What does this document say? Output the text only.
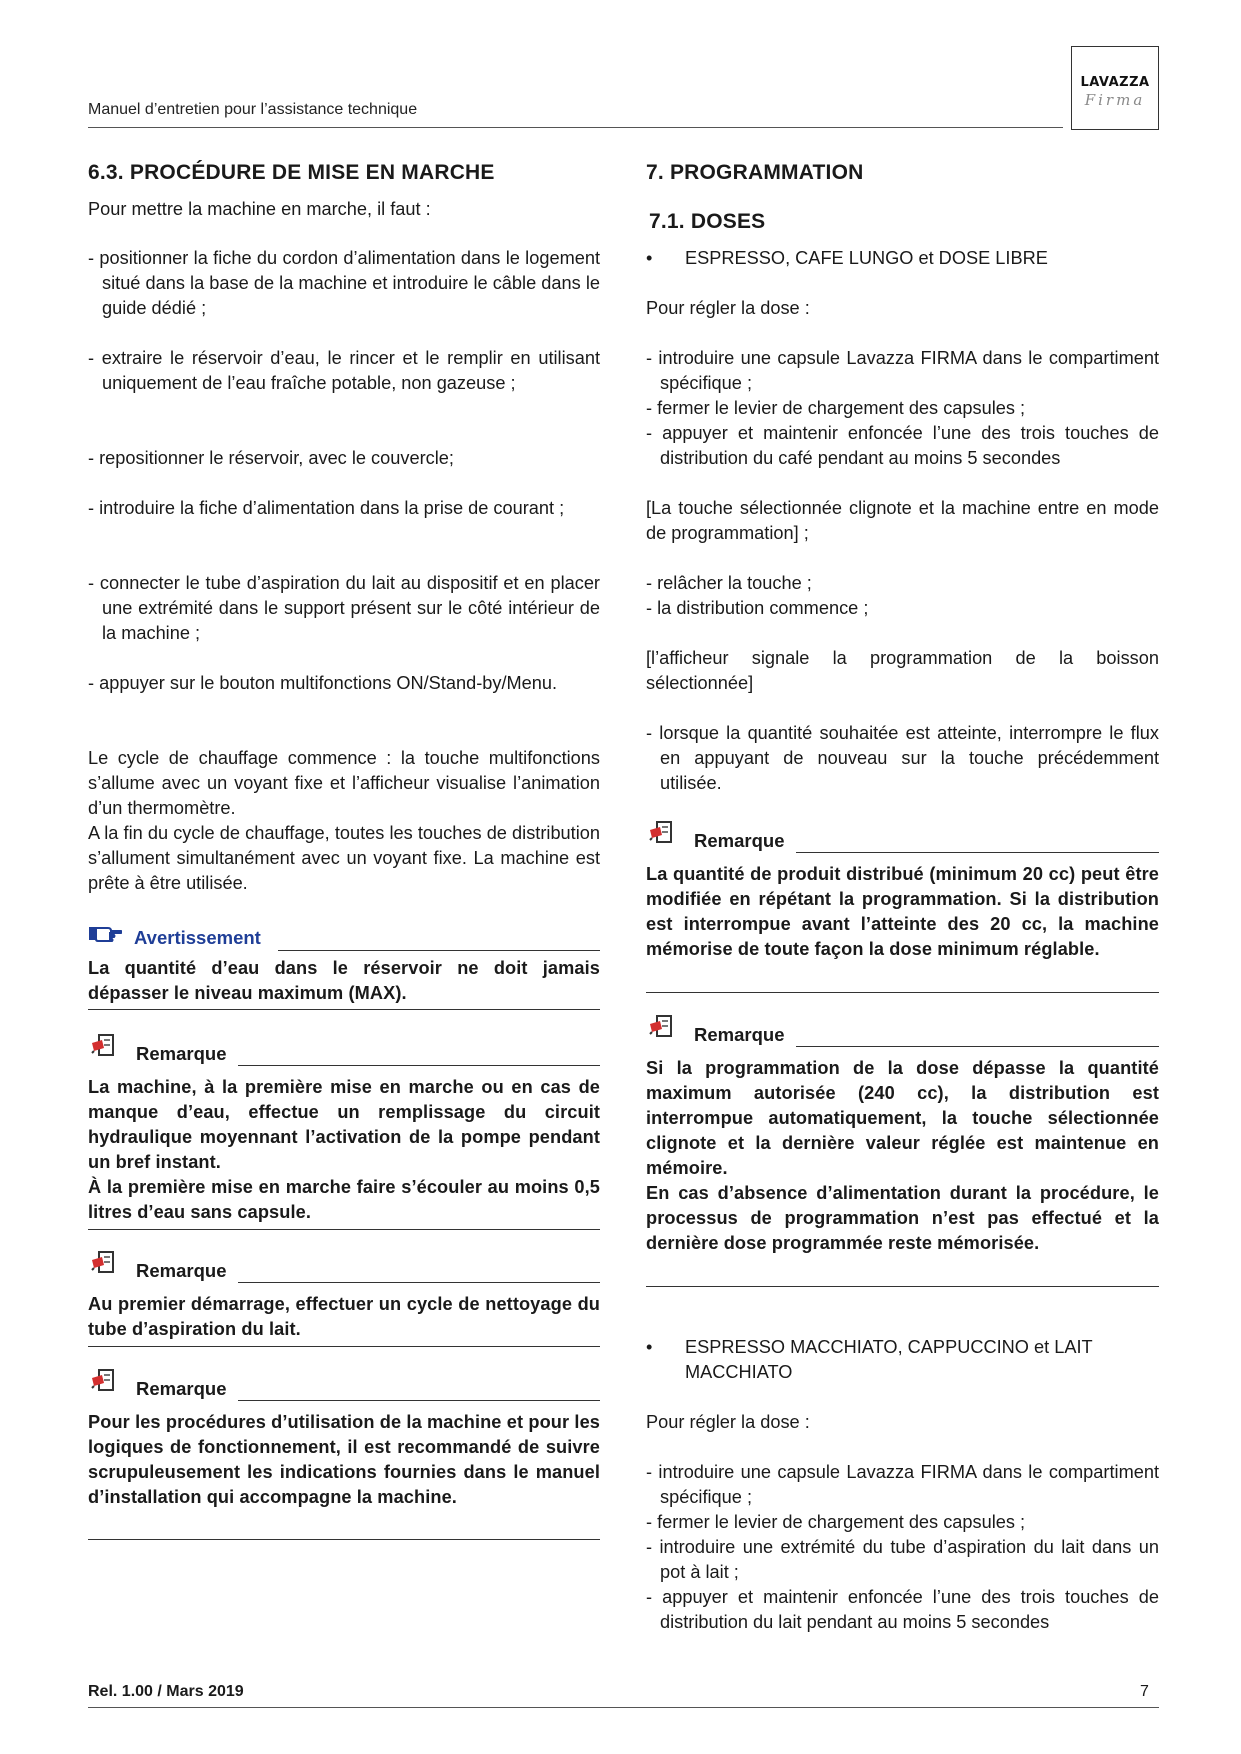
Manuel d’entretien pour l’assistance technique
LAVAZZA
Firma
6.3. PROCÉDURE DE MISE EN MARCHE
Pour mettre la machine en marche, il faut :
- positionner la fiche du cordon d’alimentation dans le logement situé dans la base de la machine et introduire le câble dans le guide dédié ;
- extraire le réservoir d’eau, le rincer et le remplir en utilisant uniquement de l’eau fraîche potable, non gazeuse ;
- repositionner le réservoir, avec le couvercle;
- introduire la fiche d’alimentation dans la prise de courant ;
- connecter le tube d’aspiration du lait au dispositif et en placer une extrémité dans le support présent sur le côté intérieur de la machine ;
- appuyer sur le bouton multifonctions ON/Stand-by/Menu.
Le cycle de chauffage commence : la touche multifonctions s’allume avec un voyant fixe et l’afficheur visualise l’animation d’un thermomètre.
A la fin du cycle de chauffage, toutes les touches de distribution s’allument simultanément avec un voyant fixe. La machine est prête à être utilisée.
Avertissement
La quantité d’eau dans le réservoir ne doit jamais dépasser le niveau maximum (MAX).
Remarque
La machine, à la première mise en marche ou en cas de manque d’eau, effectue un remplissage du circuit hydraulique moyennant l’activation de la pompe pendant un bref instant.
À la première mise en marche faire s’écouler au moins 0,5 litres d’eau sans capsule.
Remarque
Au premier démarrage, effectuer un cycle de nettoyage du tube d’aspiration du lait.
Remarque
Pour les procédures d’utilisation de la machine et pour les logiques de fonctionnement, il est recommandé de suivre scrupuleusement les indications fournies dans le manuel d’installation qui accompagne la machine.
7. PROGRAMMATION
7.1. DOSES
• ESPRESSO, CAFE LUNGO et DOSE LIBRE
Pour régler la dose :
- introduire une capsule Lavazza FIRMA dans le compartiment spécifique ;
- fermer le levier de chargement des capsules ;
- appuyer et maintenir enfoncée l’une des trois touches de distribution du café pendant au moins 5 secondes
[La touche sélectionnée clignote et la machine entre en mode de programmation] ;
- relâcher la touche ;
- la distribution commence ;
[l’afficheur signale la programmation de la boisson sélectionnée]
- lorsque la quantité souhaitée est atteinte, interrompre le flux en appuyant de nouveau sur la touche précédemment utilisée.
Remarque
La quantité de produit distribué (minimum 20 cc) peut être modifiée en répétant la programmation. Si la distribution est interrompue avant l’atteinte des 20 cc, la machine mémorise de toute façon la dose minimum réglable.
Remarque
Si la programmation de la dose dépasse la quantité maximum autorisée (240 cc), la distribution est interrompue automatiquement, la touche sélectionnée clignote et la dernière valeur réglée est maintenue en mémoire.
En cas d’absence d’alimentation durant la procédure, le processus de programmation n’est pas effectué et la dernière dose programmée reste mémorisée.
• ESPRESSO MACCHIATO, CAPPUCCINO et LAIT MACCHIATO
Pour régler la dose :
- introduire une capsule Lavazza FIRMA dans le compartiment spécifique ;
- fermer le levier de chargement des capsules ;
- introduire une extrémité du tube d’aspiration du lait dans un pot à lait ;
- appuyer et maintenir enfoncée l’une des trois touches de distribution du lait pendant au moins 5 secondes
Rel. 1.00 / Mars 2019	7
